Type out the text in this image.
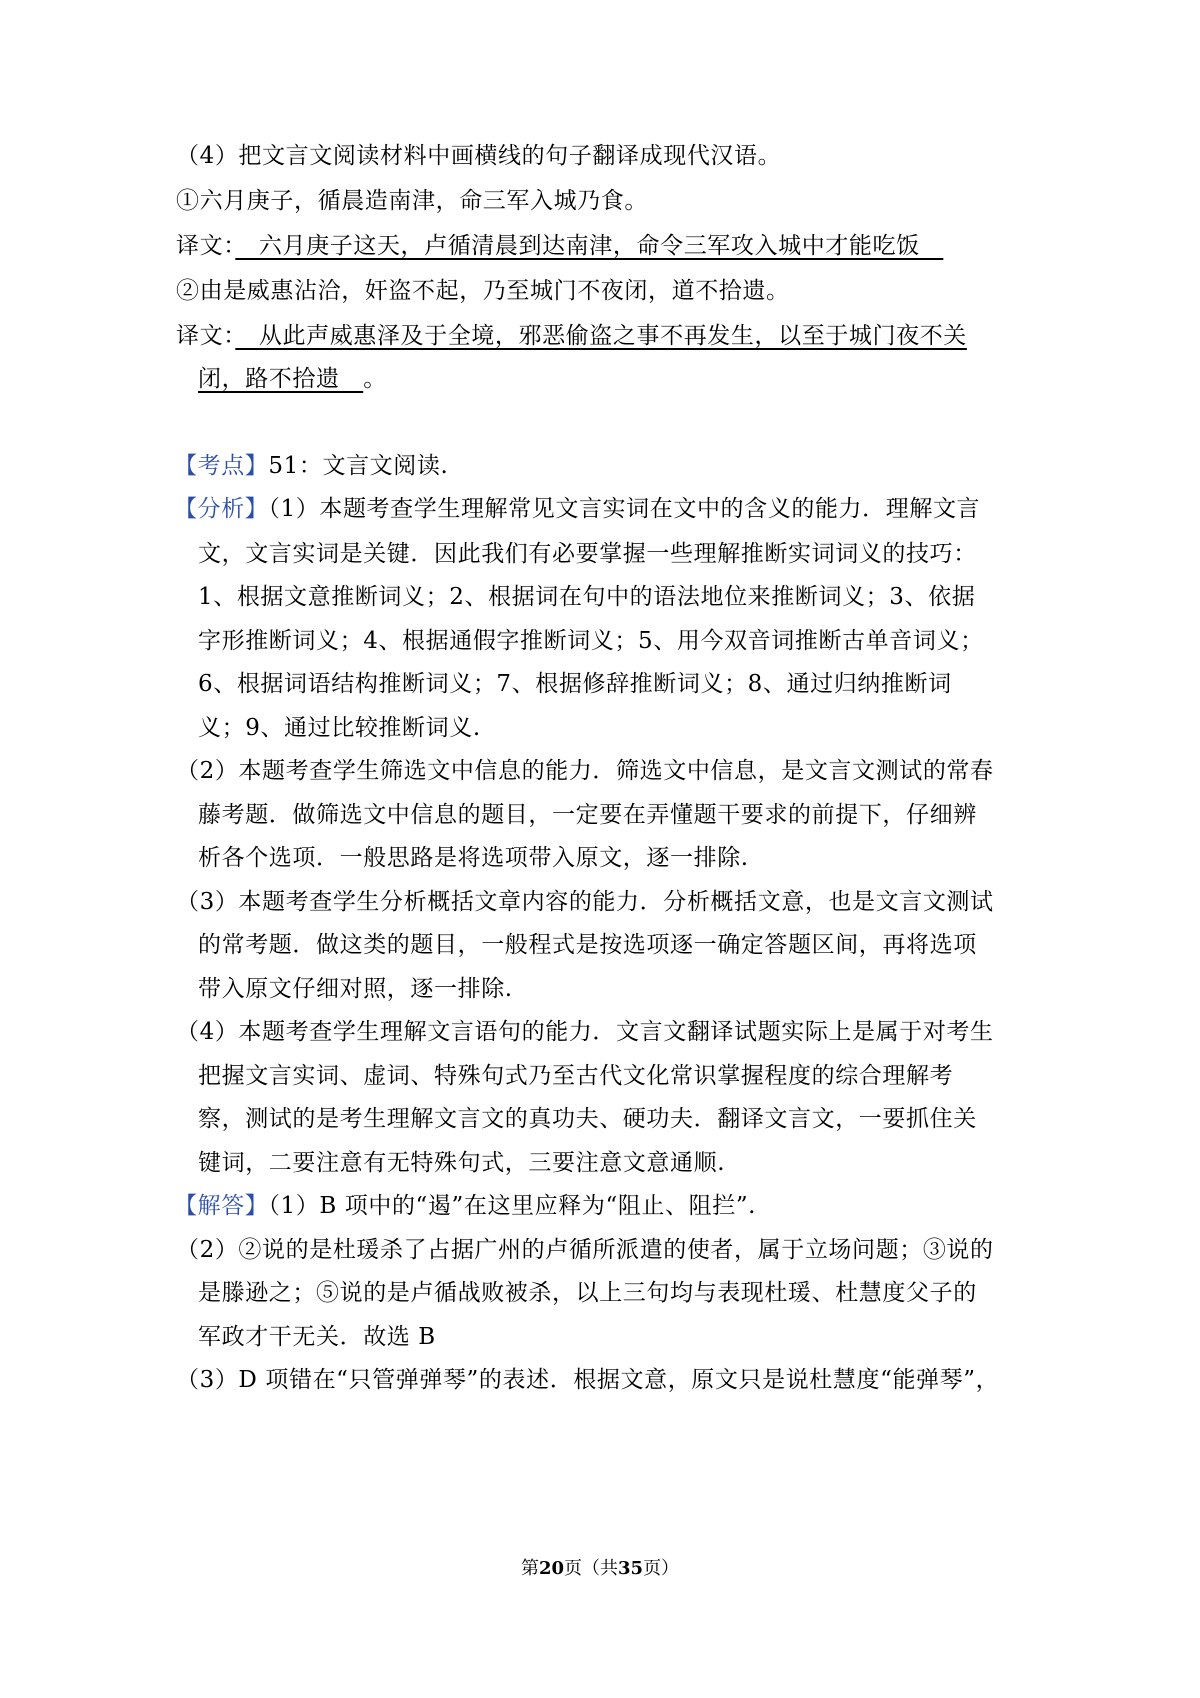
（4）把文言文阅读材料中画横线的句子翻译成现代汉语。
①六月庚子，循晨造南津，命三军入城乃食。
译文：　六月庚子这天，卢循清晨到达南津，命令三军攻入城中才能吃饭　
②由是威惠沾洽，奸盗不起，乃至城门不夜闭，道不拾遗。
译文：　从此声威惠泽及于全境，邪恶偷盗之事不再发生，以至于城门夜不关
闭，路不拾遗　。
【考点】51：文言文阅读.
【分析】（1）本题考查学生理解常见文言实词在文中的含义的能力．理解文言
文，文言实词是关键．因此我们有必要掌握一些理解推断实词词义的技巧：
1、根据文意推断词义；2、根据词在句中的语法地位来推断词义；3、依据
字形推断词义；4、根据通假字推断词义；5、用今双音词推断古单音词义；
6、根据词语结构推断词义；7、根据修辞推断词义；8、通过归纳推断词
义；9、通过比较推断词义.
（2）本题考查学生筛选文中信息的能力．筛选文中信息，是文言文测试的常春
藤考题．做筛选文中信息的题目，一定要在弄懂题干要求的前提下，仔细辨
析各个选项．一般思路是将选项带入原文，逐一排除.
（3）本题考查学生分析概括文章内容的能力．分析概括文意，也是文言文测试
的常考题．做这类的题目，一般程式是按选项逐一确定答题区间，再将选项
带入原文仔细对照，逐一排除.
（4）本题考查学生理解文言语句的能力．文言文翻译试题实际上是属于对考生
把握文言实词、虚词、特殊句式乃至古代文化常识掌握程度的综合理解考
察，测试的是考生理解文言文的真功夫、硬功夫．翻译文言文，一要抓住关
键词，二要注意有无特殊句式，三要注意文意通顺.
【解答】（1）B 项中的“遏”在这里应释为“阻止、阻拦”.
（2）②说的是杜瑗杀了占据广州的卢循所派遣的使者，属于立场问题；③说的
是滕逊之；⑤说的是卢循战败被杀，以上三句均与表现杜瑗、杜慧度父子的
军政才干无关．故选 B
（3）D 项错在“只管弹弹琴”的表述．根据文意，原文只是说杜慧度“能弹琴”，
第20页（共35页）
